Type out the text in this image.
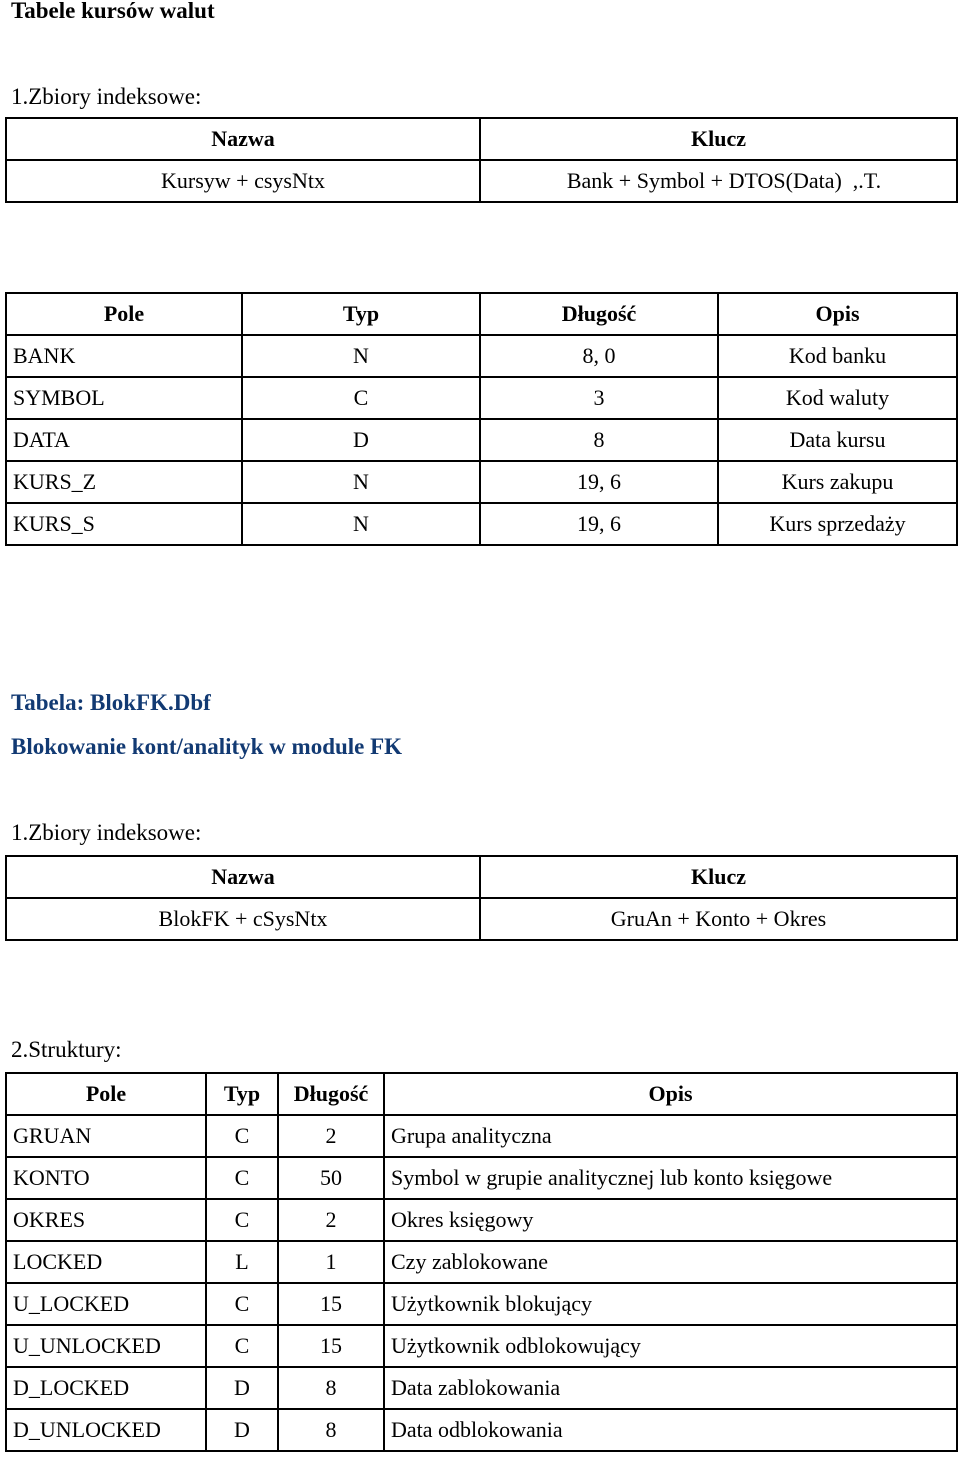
Tabele kursów walut
1.Zbiory indeksowe:
Nazwa	Klucz
Kursyw + csysNtx	Bank + Symbol + DTOS(Data)  ,.T.
Pole	Typ	Długość	Opis
BANK	N	8, 0	Kod banku
SYMBOL	C	3	Kod waluty
DATA	D	8	Data kursu
KURS_Z	N	19, 6	Kurs zakupu
KURS_S	N	19, 6	Kurs sprzedaży
Tabela: BlokFK.Dbf
Blokowanie kont/analityk w module FK
1.Zbiory indeksowe:
Nazwa	Klucz
BlokFK + cSysNtx	GruAn + Konto + Okres
2.Struktury:
Pole	Typ	Długość	Opis
GRUAN	C	2	Grupa analityczna
KONTO	C	50	Symbol w grupie analitycznej lub konto księgowe
OKRES	C	2	Okres księgowy
LOCKED	L	1	Czy zablokowane
U_LOCKED	C	15	Użytkownik blokujący
U_UNLOCKED	C	15	Użytkownik odblokowujący
D_LOCKED	D	8	Data zablokowania
D_UNLOCKED	D	8	Data odblokowania
